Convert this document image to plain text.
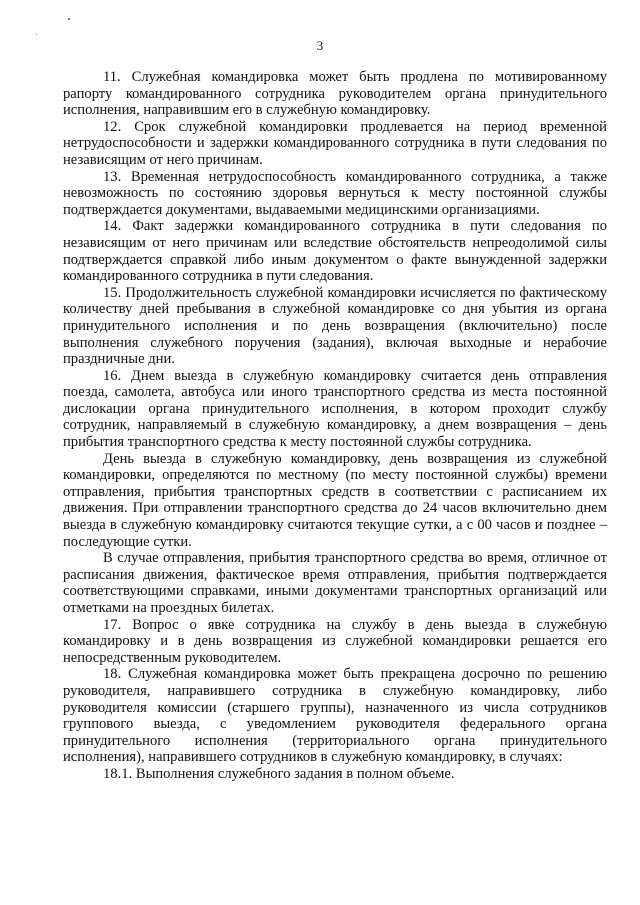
3

11. Служебная командировка может быть продлена по мотивированному рапорту командированного сотрудника руководителем органа принудительного исполнения, направившим его в служебную командировку.

12. Срок служебной командировки продлевается на период временной нетрудоспособности и задержки командированного сотрудника в пути следования по независящим от него причинам.

13. Временная нетрудоспособность командированного сотрудника, а также невозможность по состоянию здоровья вернуться к месту постоянной службы подтверждается документами, выдаваемыми медицинскими организациями.

14. Факт задержки командированного сотрудника в пути следования по независящим от него причинам или вследствие обстоятельств непреодолимой силы подтверждается справкой либо иным документом о факте вынужденной задержки командированного сотрудника в пути следования.

15. Продолжительность служебной командировки исчисляется по фактическому количеству дней пребывания в служебной командировке со дня убытия из органа принудительного исполнения и по день возвращения (включительно) после выполнения служебного поручения (задания), включая выходные и нерабочие праздничные дни.

16. Днем выезда в служебную командировку считается день отправления поезда, самолета, автобуса или иного транспортного средства из места постоянной дислокации органа принудительного исполнения, в котором проходит службу сотрудник, направляемый в служебную командировку, а днем возвращения – день прибытия транспортного средства к месту постоянной службы сотрудника.

День выезда в служебную командировку, день возвращения из служебной командировки, определяются по местному (по месту постоянной службы) времени отправления, прибытия транспортных средств в соответствии с расписанием их движения. При отправлении транспортного средства до 24 часов включительно днем выезда в служебную командировку считаются текущие сутки, а с 00 часов и позднее – последующие сутки.

В случае отправления, прибытия транспортного средства во время, отличное от расписания движения, фактическое время отправления, прибытия подтверждается соответствующими справками, иными документами транспортных организаций или отметками на проездных билетах.

17. Вопрос о явке сотрудника на службу в день выезда в служебную командировку и в день возвращения из служебной командировки решается его непосредственным руководителем.

18. Служебная командировка может быть прекращена досрочно по решению руководителя, направившего сотрудника в служебную командировку, либо руководителя комиссии (старшего группы), назначенного из числа сотрудников группового выезда, с уведомлением руководителя федерального органа принудительного исполнения (территориального органа принудительного исполнения), направившего сотрудников в служебную командировку, в случаях:

18.1. Выполнения служебного задания в полном объеме.
